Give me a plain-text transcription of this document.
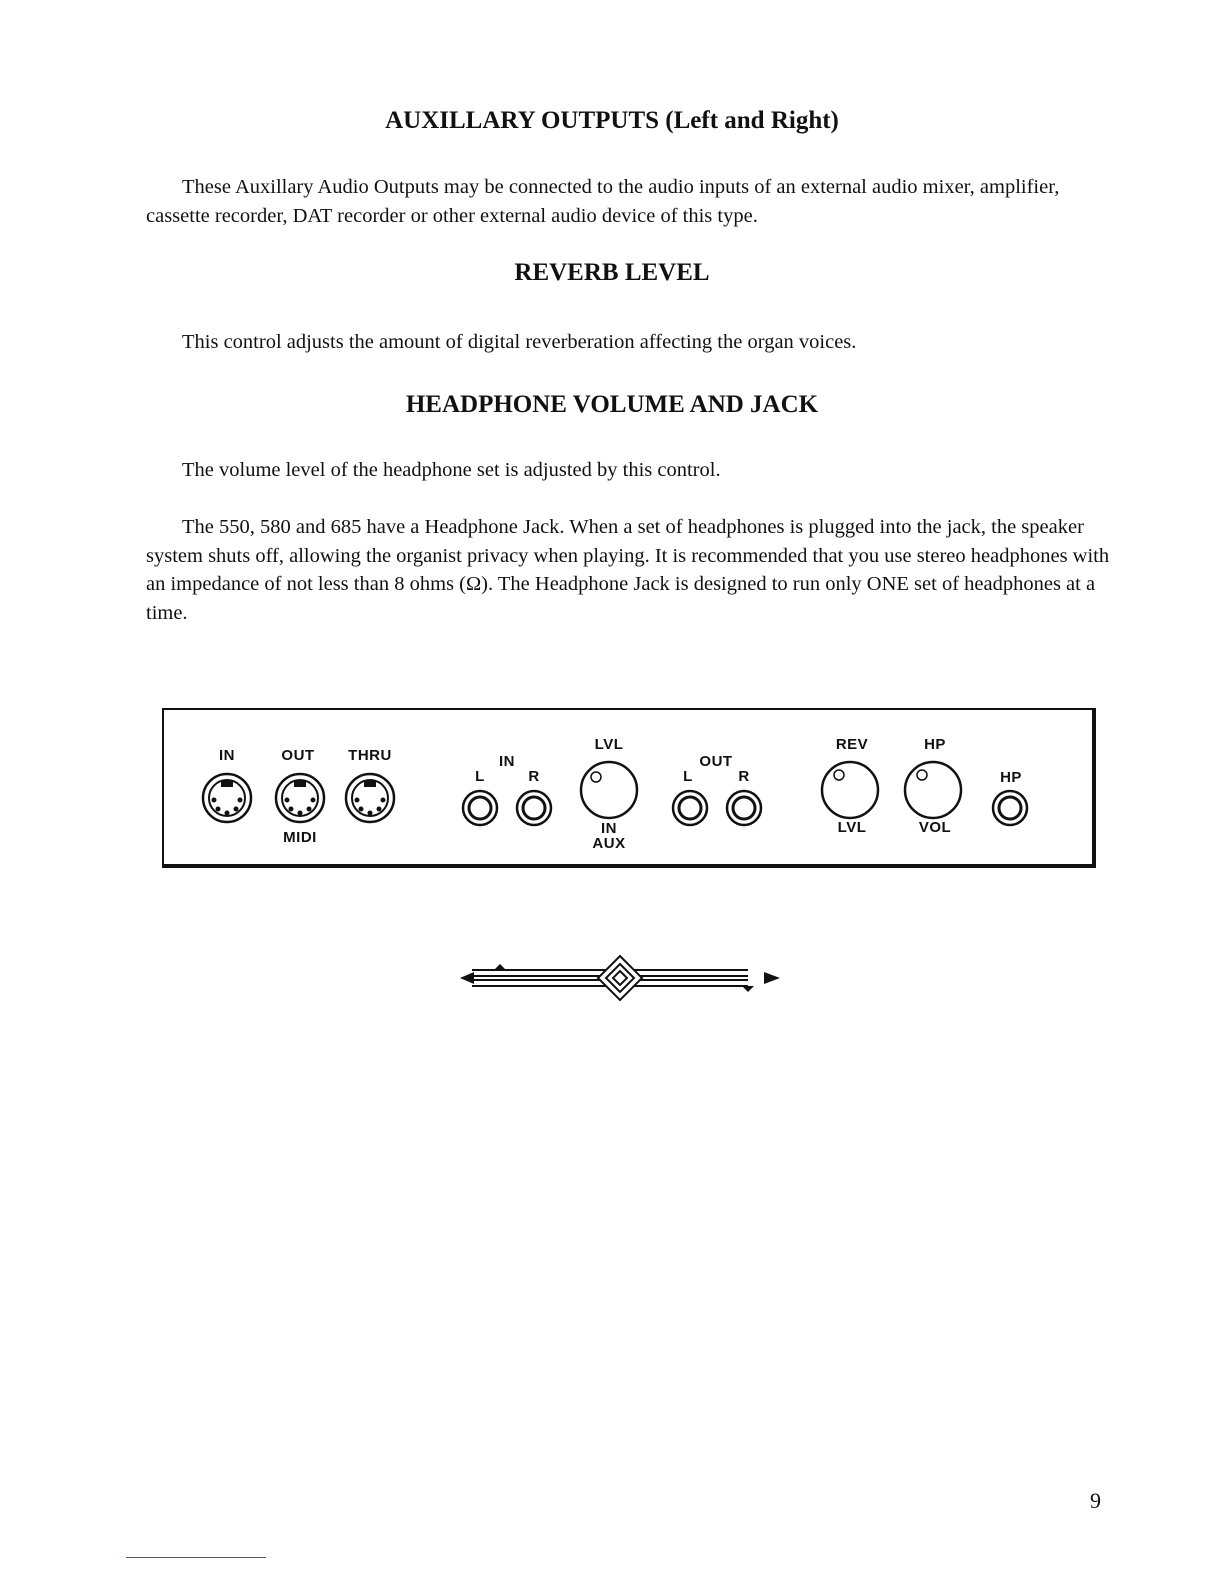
AUXILLARY OUTPUTS (Left and Right)

These Auxillary Audio Outputs may be connected to the audio inputs of an external audio mixer, amplifier, cassette recorder, DAT recorder or other external audio device of this type.

REVERB LEVEL

This control adjusts the amount of digital reverberation affecting the organ voices.

HEADPHONE VOLUME AND JACK

The volume level of the headphone set is adjusted by this control.

The 550, 580 and 685 have a Headphone Jack. When a set of headphones is plugged into the jack, the speaker system shuts off, allowing the organist privacy when playing. It is recommended that you use stereo headphones with an impedance of not less than 8 ohms (Ω). The Headphone Jack is designed to run only ONE set of headphones at a time.

IN	OUT THRU
MIDI
IN
L	R
LVL
IN
AUX
OUT
L	R
REV
LVL
HP
VOL
HP
9
